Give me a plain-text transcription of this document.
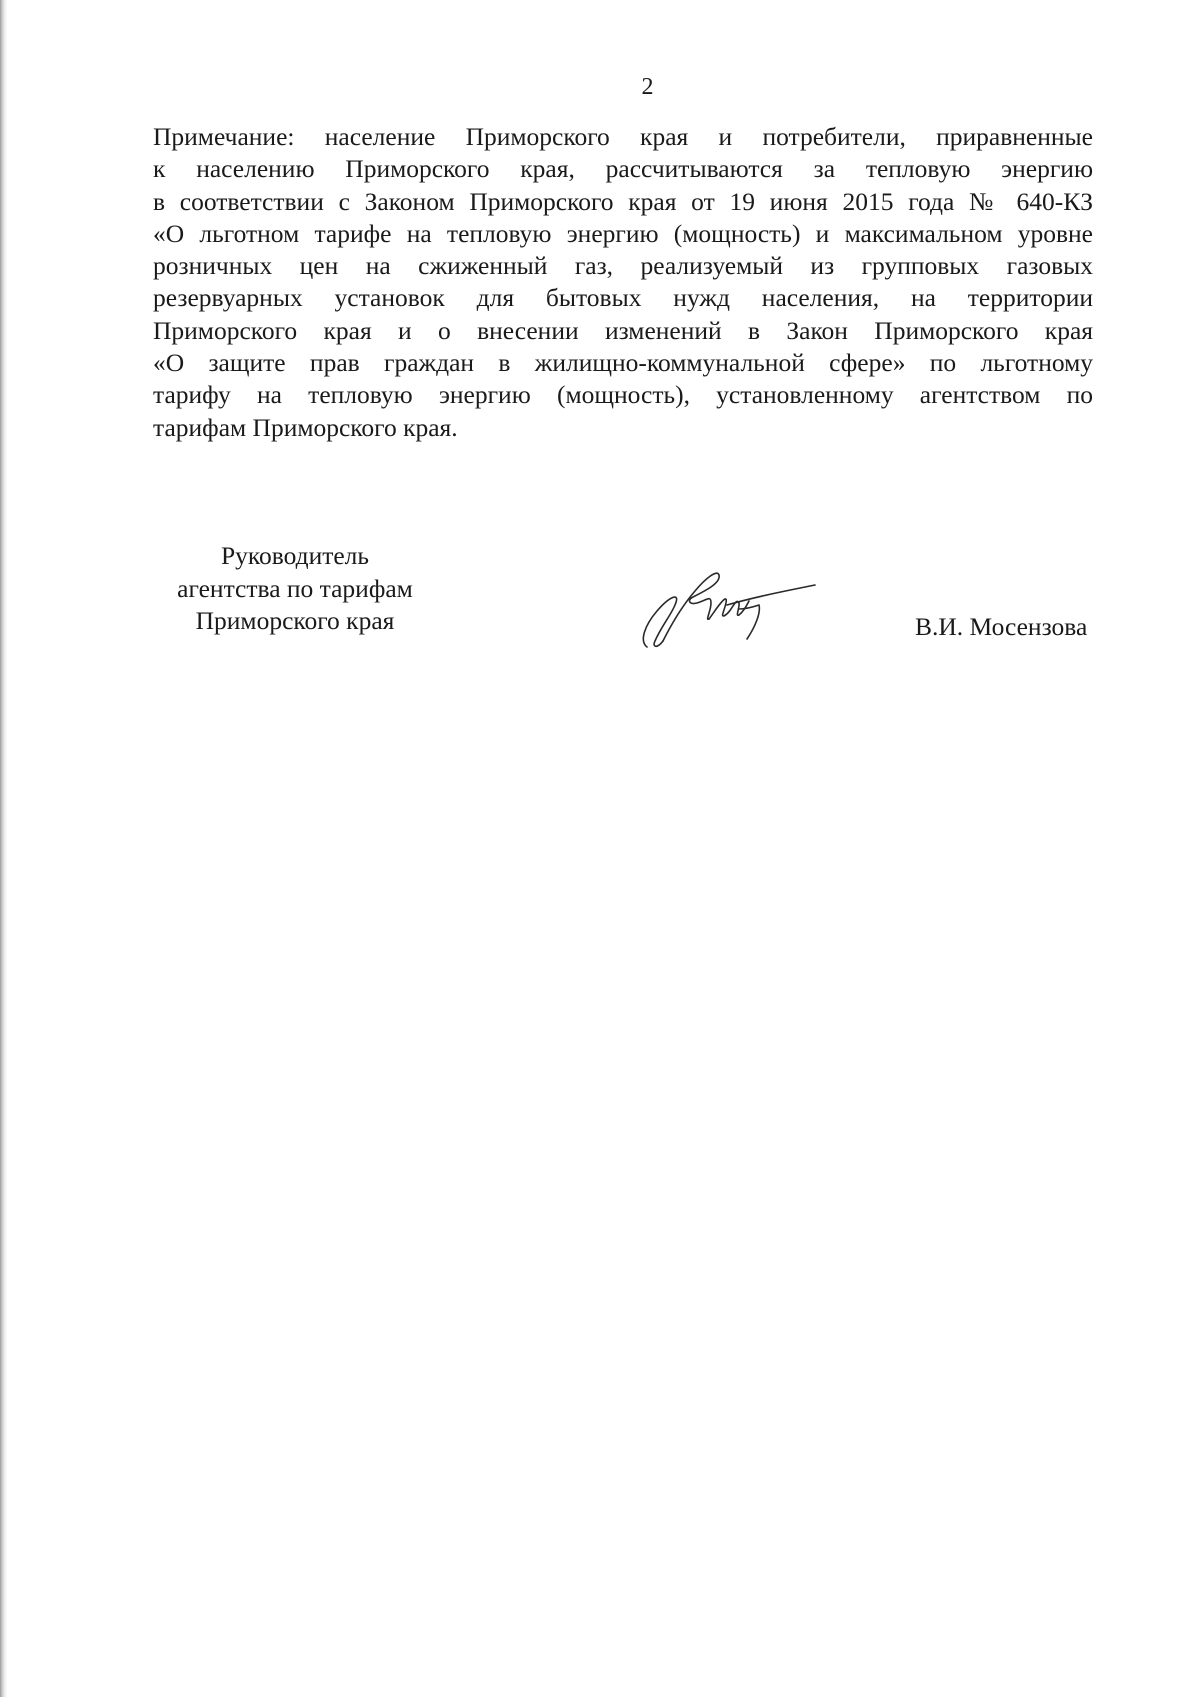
2
Примечание: население Приморского края и потребители, приравненные
к населению Приморского края, рассчитываются за тепловую энергию
в соответствии с Законом Приморского края от 19 июня 2015 года № 640-КЗ
«О льготном тарифе на тепловую энергию (мощность) и максимальном уровне
розничных цен на сжиженный газ, реализуемый из групповых газовых
резервуарных установок для бытовых нужд населения, на территории
Приморского края и о внесении изменений в Закон Приморского края
«О защите прав граждан в жилищно-коммунальной сфере» по льготному
тарифу на тепловую энергию (мощность), установленному агентством по
тарифам Приморского края.
Руководитель
агентства по тарифам
Приморского края	В.И. Мосензова
